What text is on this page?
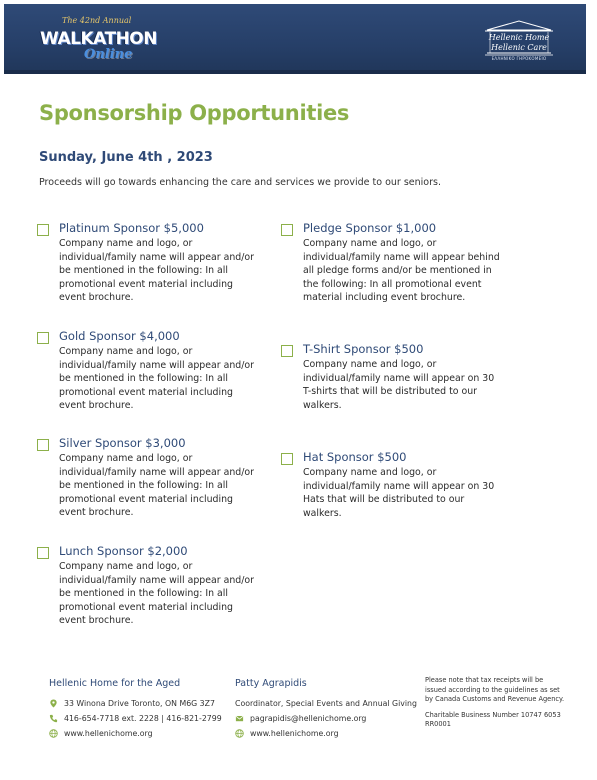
The 42nd Annual
WALKATHON
Online
Hellenic Home
Hellenic Care
ΕΛΛΗΝΙΚΟ ΓΗΡΟΚΟΜΕΙΟ
Sponsorship Opportunities
Sunday, June 4th , 2023

Proceeds will go towards enhancing the care and services we provide to our seniors.

Platinum Sponsor $5,000

Company name and logo, or individual/family name will appear and/or be mentioned in the following: In all promotional event material including event brochure.

Gold Sponsor $4,000

Company name and logo, or individual/family name will appear and/or be mentioned in the following: In all promotional event material including event brochure.

Silver Sponsor $3,000

Company name and logo, or individual/family name will appear and/or be mentioned in the following: In all promotional event material including event brochure.

Lunch Sponsor $2,000

Company name and logo, or individual/family name will appear and/or be mentioned in the following: In all promotional event material including event brochure.

Pledge Sponsor $1,000

Company name and logo, or individual/family name will appear behind all pledge forms and/or be mentioned in the following: In all promotional event material including event brochure.

T-Shirt Sponsor $500

Company name and logo, or individual/family name will appear on 30 T-shirts that will be distributed to our walkers.

Hat Sponsor $500

Company name and logo, or individual/family name will appear on 30 Hats that will be distributed to our walkers.

Hellenic Home for the Aged
33 Winona Drive Toronto, ON M6G 3Z7
416-654-7718 ext. 2228 | 416-821-2799
www.hellenichome.org
Patty Agrapidis
Coordinator, Special Events and Annual Giving
pagrapidis@hellenichome.org
www.hellenichome.org

Please note that tax receipts will be issued according to the guidelines as set by Canada Customs and Revenue Agency.

Charitable Business Number 10747 6053 RR0001
